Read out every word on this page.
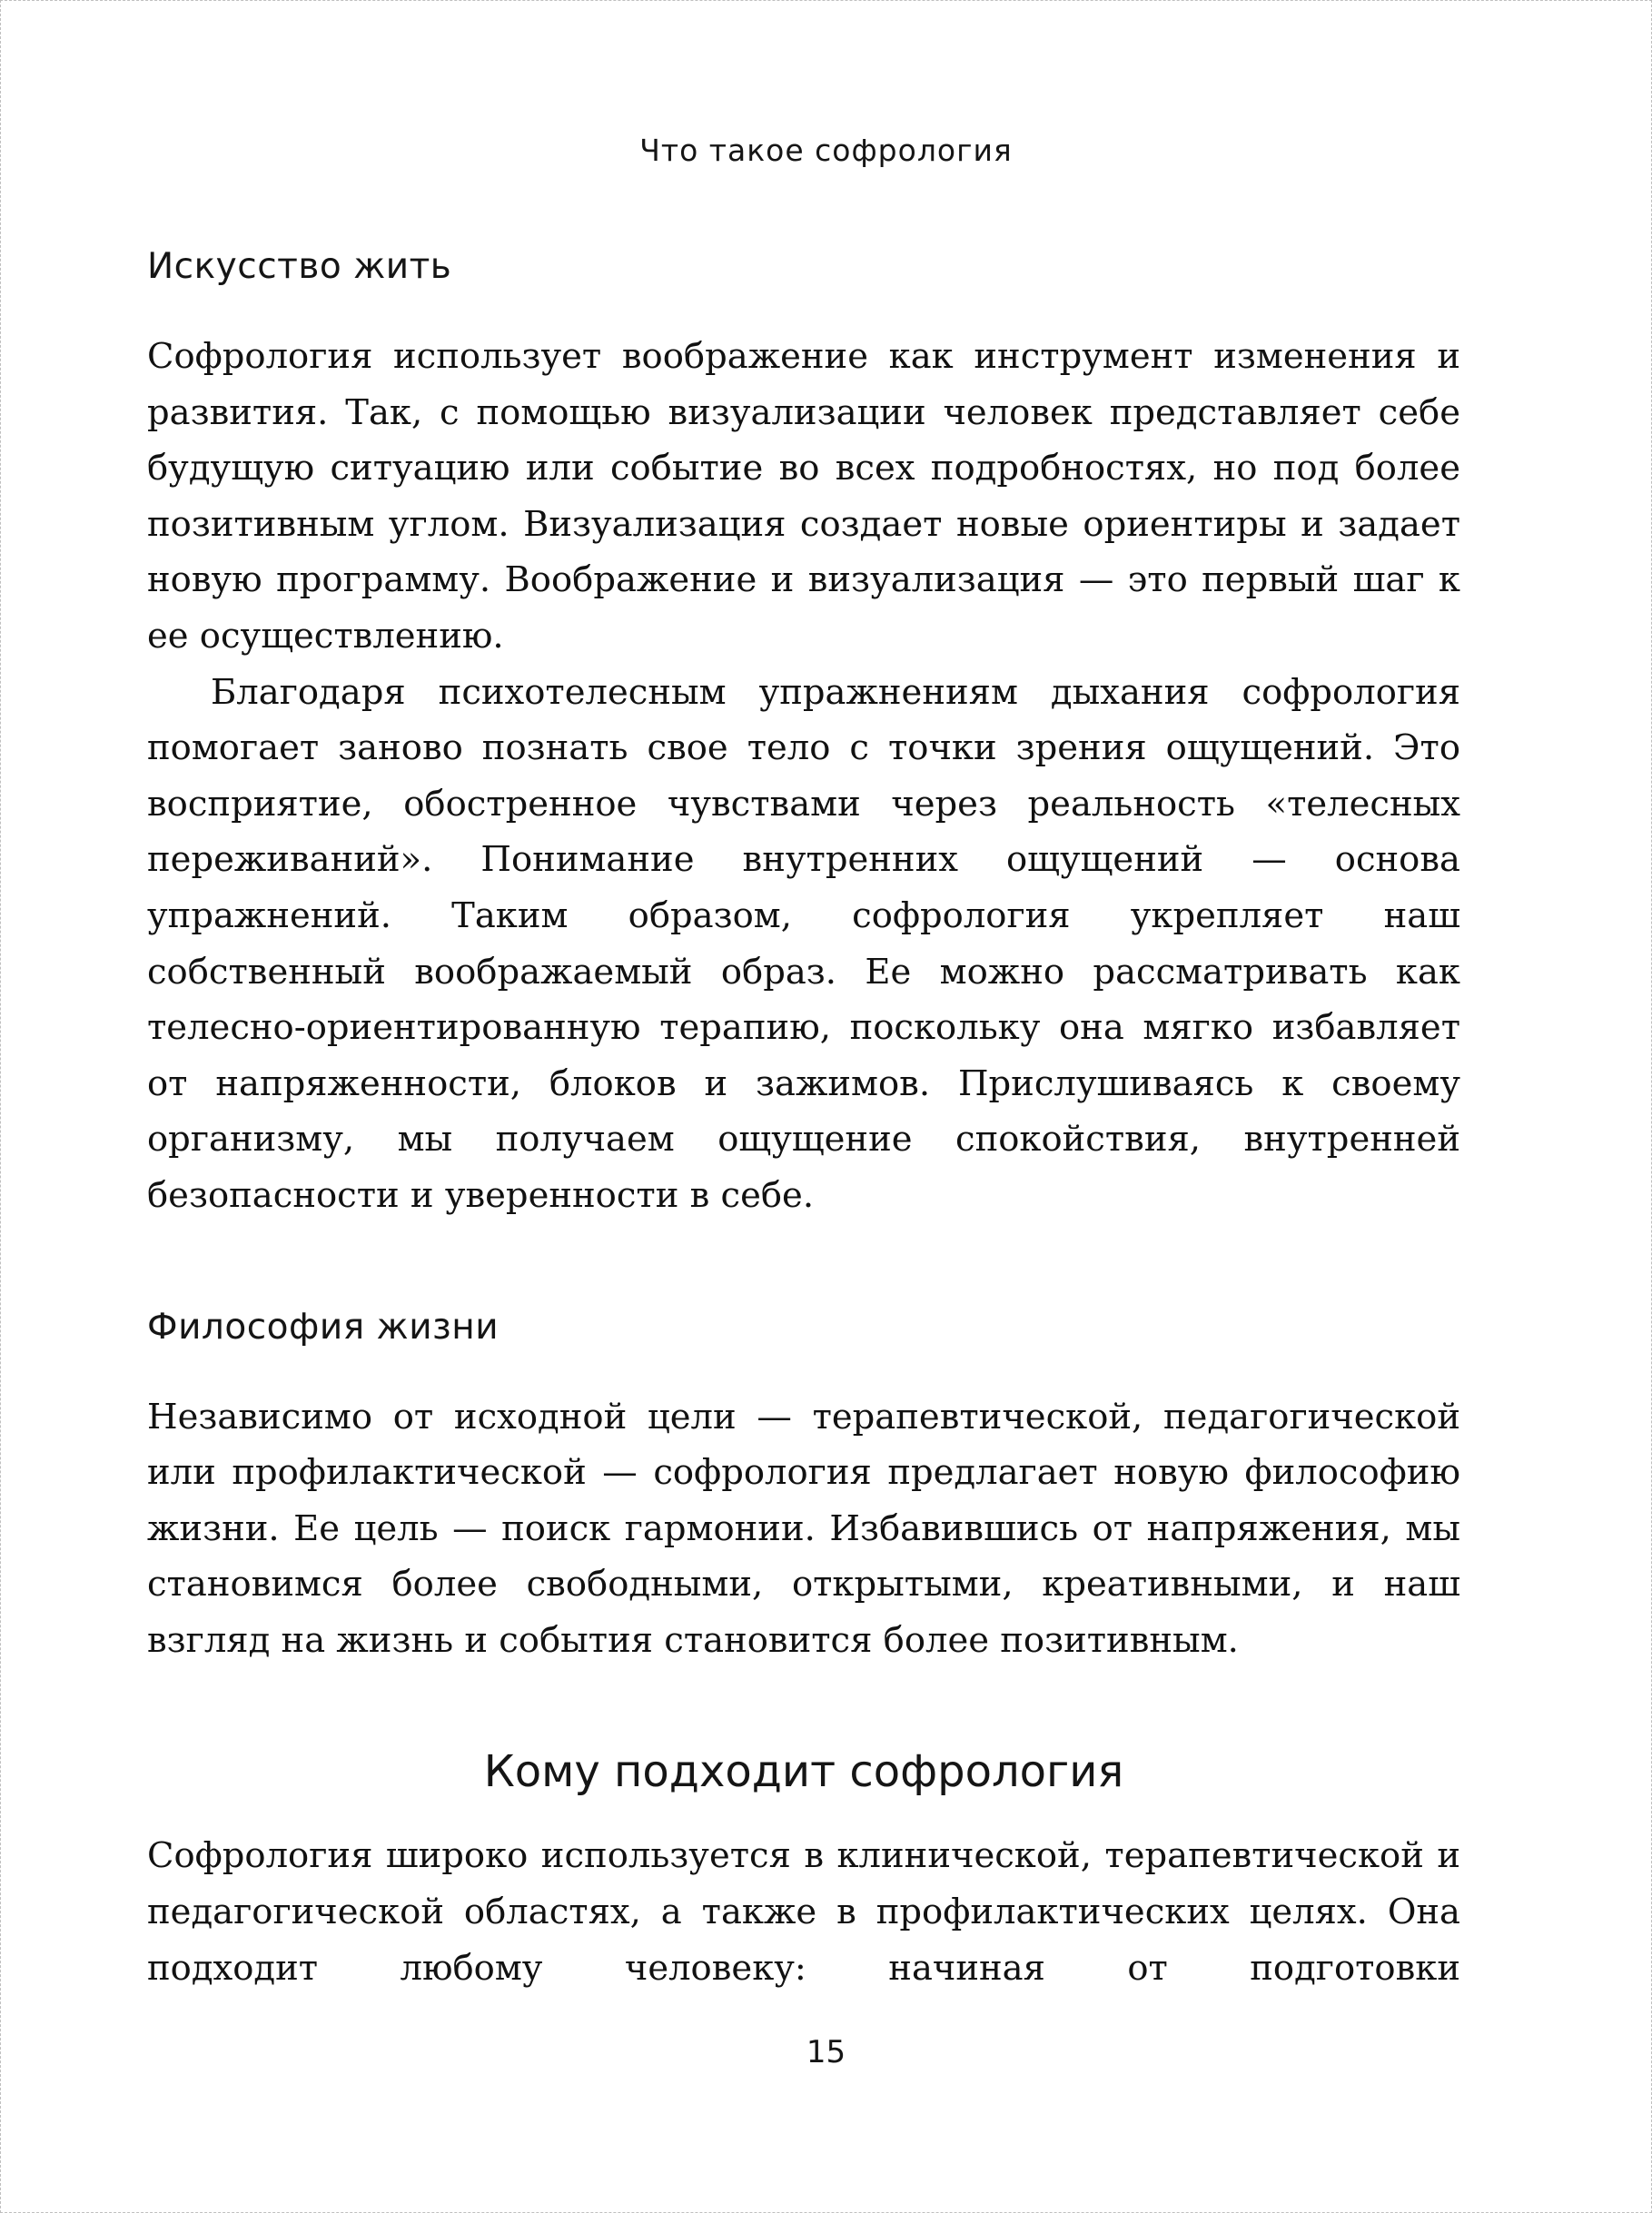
Что такое софрология
Искусство жить

Софрология использует воображение как инструмент изменения и развития. Так, с помощью визуализации человек представляет себе будущую ситуацию или событие во всех подробностях, но под более позитивным углом. Визуализация создает новые ориентиры и задает новую программу. Воображение и визуализация — это первый шаг к ее осуществлению.

Благодаря психотелесным упражнениям дыхания софрология помогает заново познать свое тело с точки зрения ощущений. Это восприятие, обостренное чувствами через реальность «телесных переживаний». Понимание внутренних ощущений — основа упражнений. Таким образом, софрология укрепляет наш собственный воображаемый образ. Ее можно рассматривать как телесно-ориентированную терапию, поскольку она мягко избавляет от напряженности, блоков и зажимов. Прислушиваясь к своему организму, мы получаем ощущение спокойствия, внутренней безопасности и уверенности в себе.

Философия жизни

Независимо от исходной цели — терапевтической, педагогической или профилактической — софрология предлагает новую философию жизни. Ее цель — поиск гармонии. Избавившись от напряжения, мы становимся более свободными, открытыми, креативными, и наш взгляд на жизнь и события становится более позитивным.

Кому подходит софрология

Софрология широко используется в клинической, терапевтической и педагогической областях, а также в профилактических целях. Она подходит любому человеку: начиная от подготовки

15
